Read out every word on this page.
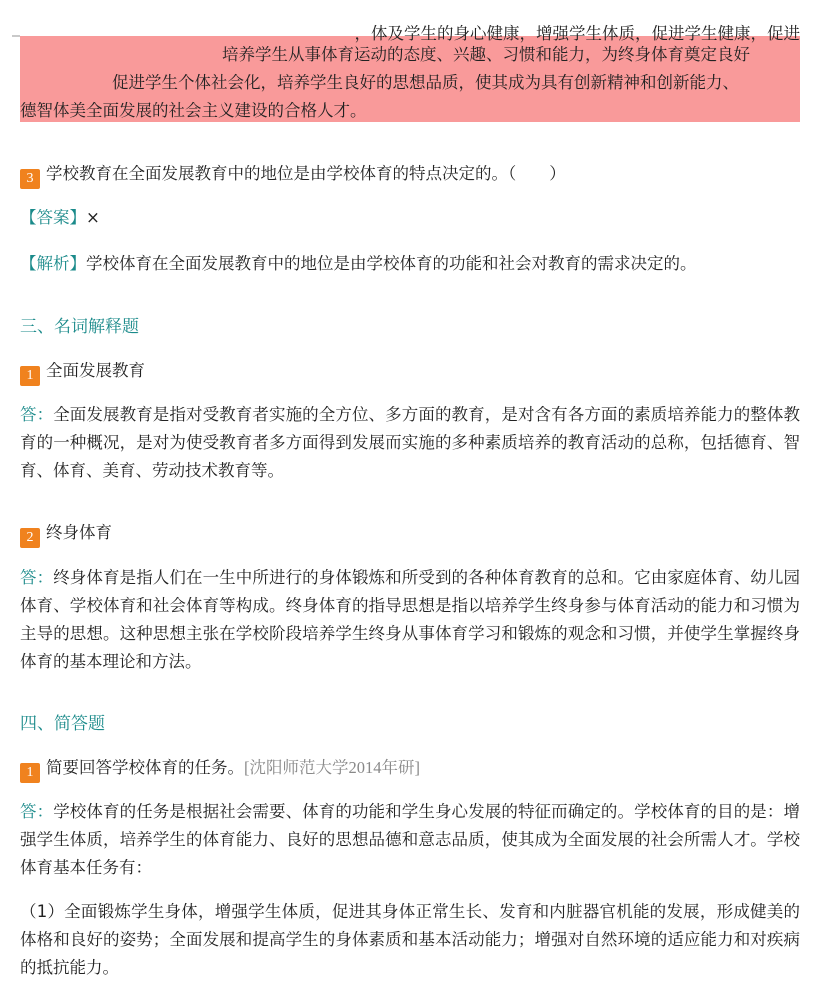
，体及学生的身心健康，增强学生体质，促进学生健康，促进
培养学生从事体育运动的态度、兴趣、习惯和能力，为终身体育奠定良好
促进学生个体社会化，培养学生良好的思想品质，使其成为具有创新精神和创新能力、
德智体美全面发展的社会主义建设的合格人才。
3 学校教育在全面发展教育中的地位是由学校体育的特点决定的。（　　）
【答案】×
【解析】学校体育在全面发展教育中的地位是由学校体育的功能和社会对教育的需求决定的。
三、名词解释题
1 全面发展教育
答：全面发展教育是指对受教育者实施的全方位、多方面的教育，是对含有各方面的素质培养能力的整体教育的一种概况，是对为使受教育者多方面得到发展而实施的多种素质培养的教育活动的总称，包括德育、智育、体育、美育、劳动技术教育等。
2 终身体育
答：终身体育是指人们在一生中所进行的身体锻炼和所受到的各种体育教育的总和。它由家庭体育、幼儿园体育、学校体育和社会体育等构成。终身体育的指导思想是指以培养学生终身参与体育活动的能力和习惯为主导的思想。这种思想主张在学校阶段培养学生终身从事体育学习和锻炼的观念和习惯，并使学生掌握终身体育的基本理论和方法。
四、简答题
1 简要回答学校体育的任务。[沈阳师范大学2014年研]
答：学校体育的任务是根据社会需要、体育的功能和学生身心发展的特征而确定的。学校体育的目的是：增强学生体质，培养学生的体育能力、良好的思想品德和意志品质，使其成为全面发展的社会所需人才。学校体育基本任务有：
（1）全面锻炼学生身体，增强学生体质，促进其身体正常生长、发育和内脏器官机能的发展，形成健美的体格和良好的姿势；全面发展和提高学生的身体素质和基本活动能力；增强对自然环境的适应能力和对疾病的抵抗能力。
